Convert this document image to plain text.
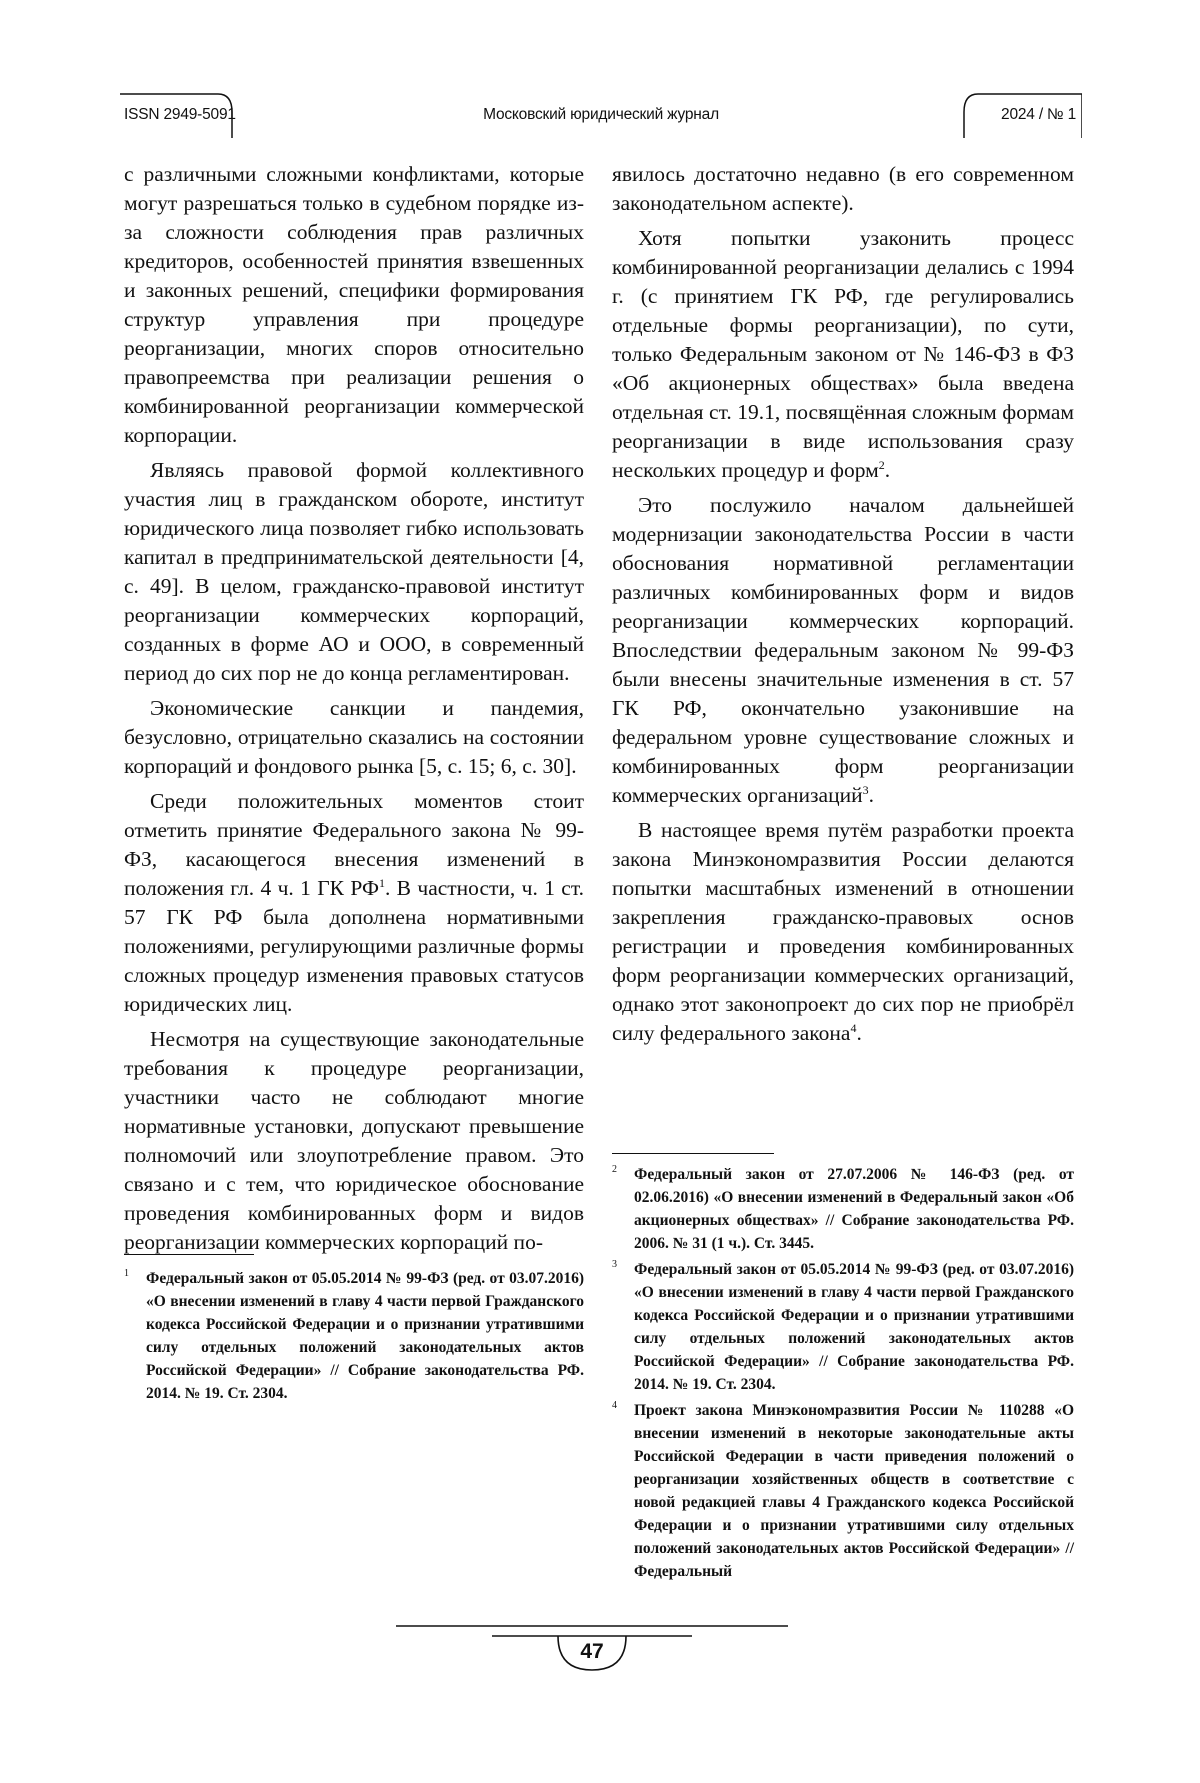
ISSN 2949-5091	Московский юридический журнал	2024 / № 1

с различными сложными конфликтами, которые могут разрешаться только в судебном порядке из-за сложности соблюдения прав различных кредиторов, особенностей принятия взвешенных и законных решений, специфики формирования структур управления при процедуре реорганизации, многих споров относительно правопреемства при реализации решения о комбинированной реорганизации коммерческой корпорации.

Являясь правовой формой коллективного участия лиц в гражданском обороте, институт юридического лица позволяет гибко использовать капитал в предпринимательской деятельности [4, с. 49]. В целом, гражданско-правовой институт реорганизации коммерческих корпораций, созданных в форме АО и ООО, в современный период до сих пор не до конца регламентирован.

Экономические санкции и пандемия, безусловно, отрицательно сказались на состоянии корпораций и фондового рынка [5, с. 15; 6, с. 30].

Среди положительных моментов стоит отметить принятие Федерального закона № 99-ФЗ, касающегося внесения изменений в положения гл. 4 ч. 1 ГК РФ$^1$. В частности, ч. 1 ст. 57 ГК РФ была дополнена нормативными положениями, регулирующими различные формы сложных процедур изменения правовых статусов юридических лиц.

Несмотря на существующие законодательные требования к процедуре реорганизации, участники часто не соблюдают многие нормативные установки, допускают превышение полномочий или злоупотребление правом. Это связано и с тем, что юридическое обоснование проведения комбинированных форм и видов реорганизации коммерческих корпораций по-

1	Федеральный закон от 05.05.2014 № 99-ФЗ (ред. от 03.07.2016) «О внесении изменений в главу 4 части первой Гражданского кодекса Российской Федерации и о признании утратившими силу отдельных положений законодательных актов Российской Федерации» // Собрание законодательства РФ. 2014. № 19. Ст. 2304.

явилось достаточно недавно (в его современном законодательном аспекте).

Хотя попытки узаконить процесс комбинированной реорганизации делались с 1994 г. (с принятием ГК РФ, где регулировались отдельные формы реорганизации), по сути, только Федеральным законом от № 146-ФЗ в ФЗ «Об акционерных обществах» была введена отдельная ст. 19.1, посвящённая сложным формам реорганизации в виде использования сразу нескольких процедур и форм$^2$.

Это послужило началом дальнейшей модернизации законодательства России в части обоснования нормативной регламентации различных комбинированных форм и видов реорганизации коммерческих корпораций. Впоследствии федеральным законом № 99-ФЗ были внесены значительные изменения в ст. 57 ГК РФ, окончательно узаконившие на федеральном уровне существование сложных и комбинированных форм реорганизации коммерческих организаций$^3$.

В настоящее время путём разработки проекта закона Минэкономразвития России делаются попытки масштабных изменений в отношении закрепления гражданско-правовых основ регистрации и проведения комбинированных форм реорганизации коммерческих организаций, однако этот законопроект до сих пор не приобрёл силу федерального закона$^4$.

2	Федеральный закон от 27.07.2006 № 146-ФЗ (ред. от 02.06.2016) «О внесении изменений в Федеральный закон «Об акционерных обществах» // Собрание законодательства РФ. 2006. № 31 (1 ч.). Ст. 3445.
3	Федеральный закон от 05.05.2014 № 99-ФЗ (ред. от 03.07.2016) «О внесении изменений в главу 4 части первой Гражданского кодекса Российской Федерации и о признании утратившими силу отдельных положений законодательных актов Российской Федерации» // Собрание законодательства РФ. 2014. № 19. Ст. 2304.
4	Проект закона Минэкономразвития России № 110288 «О внесении изменений в некоторые законодательные акты Российской Федерации в части приведения положений о реорганизации хозяйственных обществ в соответствие с новой редакцией главы 4 Гражданского кодекса Российской Федерации и о признании утратившими силу отдельных положений законодательных актов Российской Федерации» // Федеральный
47
